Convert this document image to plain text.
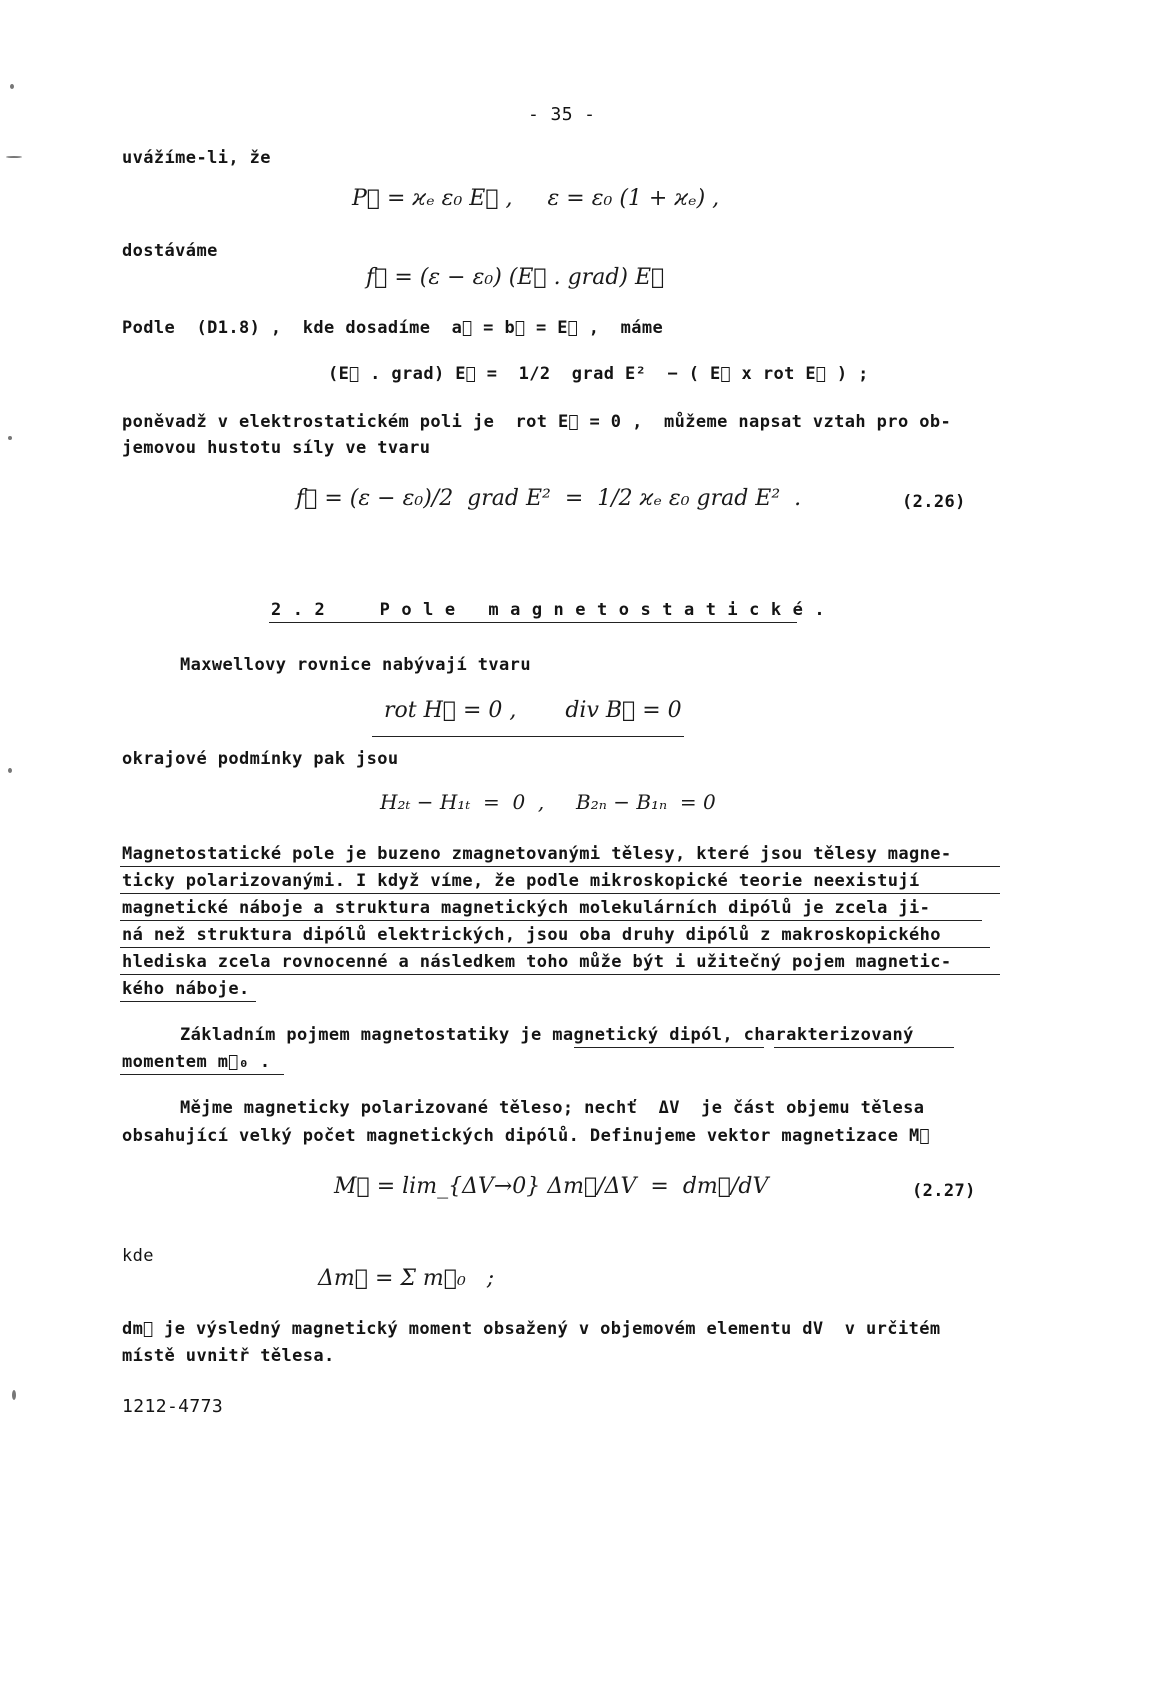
- 35 -
uvážíme-li, že
P⃗ = ϰₑ ε₀ E⃗ ,     ε = ε₀ (1 + ϰₑ) ,
dostáváme
f⃗ = (ε − ε₀) (E⃗ . grad) E⃗
Podle  (D1.8) ,  kde dosadíme  a⃗ = b⃗ = E⃗ ,  máme
(E⃗ . grad) E⃗ =  1/2  grad E²  − ( E⃗ x rot E⃗ ) ;
poněvadž v elektrostatickém poli je  rot E⃗ = 0 ,  můžeme napsat vztah pro ob-
jemovou hustotu síly ve tvaru
f⃗ = (ε − ε₀)/2  grad E²  =  1/2 ϰₑ ε₀ grad E²  .	(2.26)
2.2  Pole magnetostatické.
Maxwellovy rovnice nabývají tvaru
rot H⃗ = 0 ,       div B⃗ = 0
okrajové podmínky pak jsou
H₂ₜ − H₁ₜ  =  0  ,     B₂ₙ − B₁ₙ  = 0
Magnetostatické pole je buzeno zmagnetovanými tělesy, které jsou tělesy magne-
ticky polarizovanými. I když víme, že podle mikroskopické teorie neexistují
magnetické náboje a struktura magnetických molekulárních dipólů je zcela ji-
ná než struktura dipólů elektrických, jsou oba druhy dipólů z makroskopického
hlediska zcela rovnocenné a následkem toho může být i užitečný pojem magnetic-
kého náboje.
Základním pojmem magnetostatiky je magnetický dipól, charakterizovaný
momentem m⃗₀ .
Mějme magneticky polarizované těleso; nechť  ΔV  je část objemu tělesa
obsahující velký počet magnetických dipólů. Definujeme vektor magnetizace M⃗
M⃗ = lim_{ΔV→0} Δm⃗/ΔV  =  dm⃗/dV	(2.27)
kde
Δm⃗ = Σ m⃗₀   ;
dm⃗ je výsledný magnetický moment obsažený v objemovém elementu dV  v určitém
místě uvnitř tělesa.
1212-4773
